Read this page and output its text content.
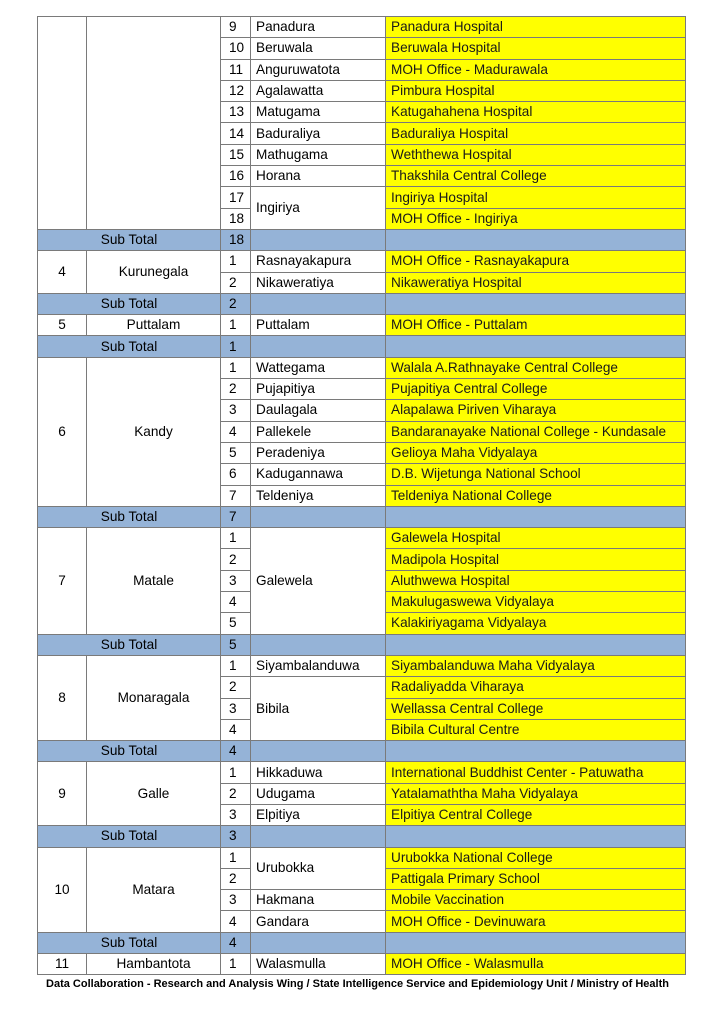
		9	Panadura	Panadura Hospital
		10	Beruwala	Beruwala Hospital
		11	Anguruwatota	MOH Office - Madurawala
		12	Agalawatta	Pimbura Hospital
		13	Matugama	Katugahahena Hospital
		14	Baduraliya	Baduraliya Hospital
		15	Mathugama	Weththewa Hospital
		16	Horana	Thakshila Central College
		17	Ingiriya	Ingiriya Hospital
		18		MOH Office - Ingiriya
Sub Total		18		
4	Kurunegala	1	Rasnayakapura	MOH Office - Rasnayakapura
		2	Nikaweratiya	Nikaweratiya Hospital
Sub Total		2		
5	Puttalam	1	Puttalam	MOH Office - Puttalam
Sub Total		1		
6	Kandy	1	Wattegama	Walala A.Rathnayake Central College
		2	Pujapitiya	Pujapitiya Central College
		3	Daulagala	Alapalawa Piriven Viharaya
		4	Pallekele	Bandaranayake National College - Kundasale
		5	Peradeniya	Gelioya Maha Vidyalaya
		6	Kadugannawa	D.B. Wijetunga National School
		7	Teldeniya	Teldeniya National College
Sub Total		7		
7	Matale	1	Galewela	Galewela Hospital
		2		Madipola Hospital
		3		Aluthwewa Hospital
		4		Makulugaswewa Vidyalaya
		5		Kalakiriyagama Vidyalaya
Sub Total		5		
8	Monaragala	1	Siyambalanduwa	Siyambalanduwa Maha Vidyalaya
		2	Bibila	Radaliyadda Viharaya
		3		Wellassa Central College
		4		Bibila Cultural Centre
Sub Total		4		
9	Galle	1	Hikkaduwa	International Buddhist Center - Patuwatha
		2	Udugama	Yatalamaththa Maha Vidyalaya
		3	Elpitiya	Elpitiya Central College
Sub Total		3		
10	Matara	1	Urubokka	Urubokka National College
		2		Pattigala Primary School
		3	Hakmana	Mobile Vaccination
		4	Gandara	MOH Office - Devinuwara
Sub Total		4		
11	Hambantota	1	Walasmulla	MOH Office - Walasmulla
Data Collaboration - Research and Analysis Wing / State Intelligence Service and Epidemiology Unit / Ministry of Health
